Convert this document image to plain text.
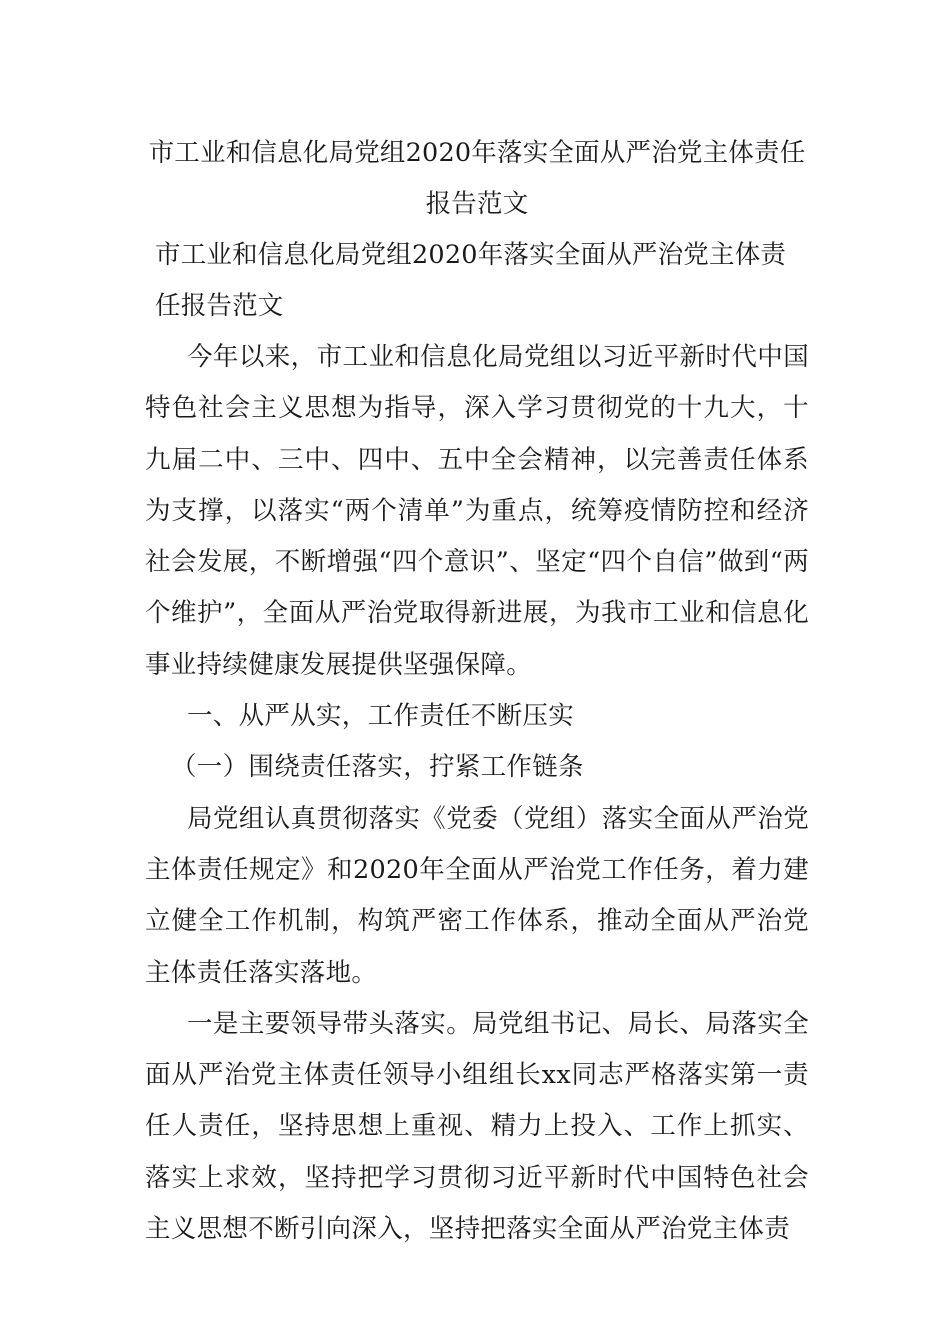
市工业和信息化局党组2020年落实全面从严治党主体责任报告范文

市工业和信息化局党组2020年落实全面从严治党主体责任报告范文

今年以来，市工业和信息化局党组以习近平新时代中国特色社会主义思想为指导，深入学习贯彻党的十九大，十九届二中、三中、四中、五中全会精神，以完善责任体系为支撑，以落实“两个清单”为重点，统筹疫情防控和经济社会发展，不断增强“四个意识”、坚定“四个自信”做到“两个维护”，全面从严治党取得新进展，为我市工业和信息化事业持续健康发展提供坚强保障。

一、从严从实，工作责任不断压实

（一）围绕责任落实，拧紧工作链条

局党组认真贯彻落实《党委（党组）落实全面从严治党主体责任规定》和2020年全面从严治党工作任务，着力建立健全工作机制，构筑严密工作体系，推动全面从严治党主体责任落实落地。

一是主要领导带头落实。局党组书记、局长、局落实全面从严治党主体责任领导小组组长xx同志严格落实第一责任人责任，坚持思想上重视、精力上投入、工作上抓实、落实上求效，坚持把学习贯彻习近平新时代中国特色社会主义思想不断引向深入，坚持把落实全面从严治党主体责
